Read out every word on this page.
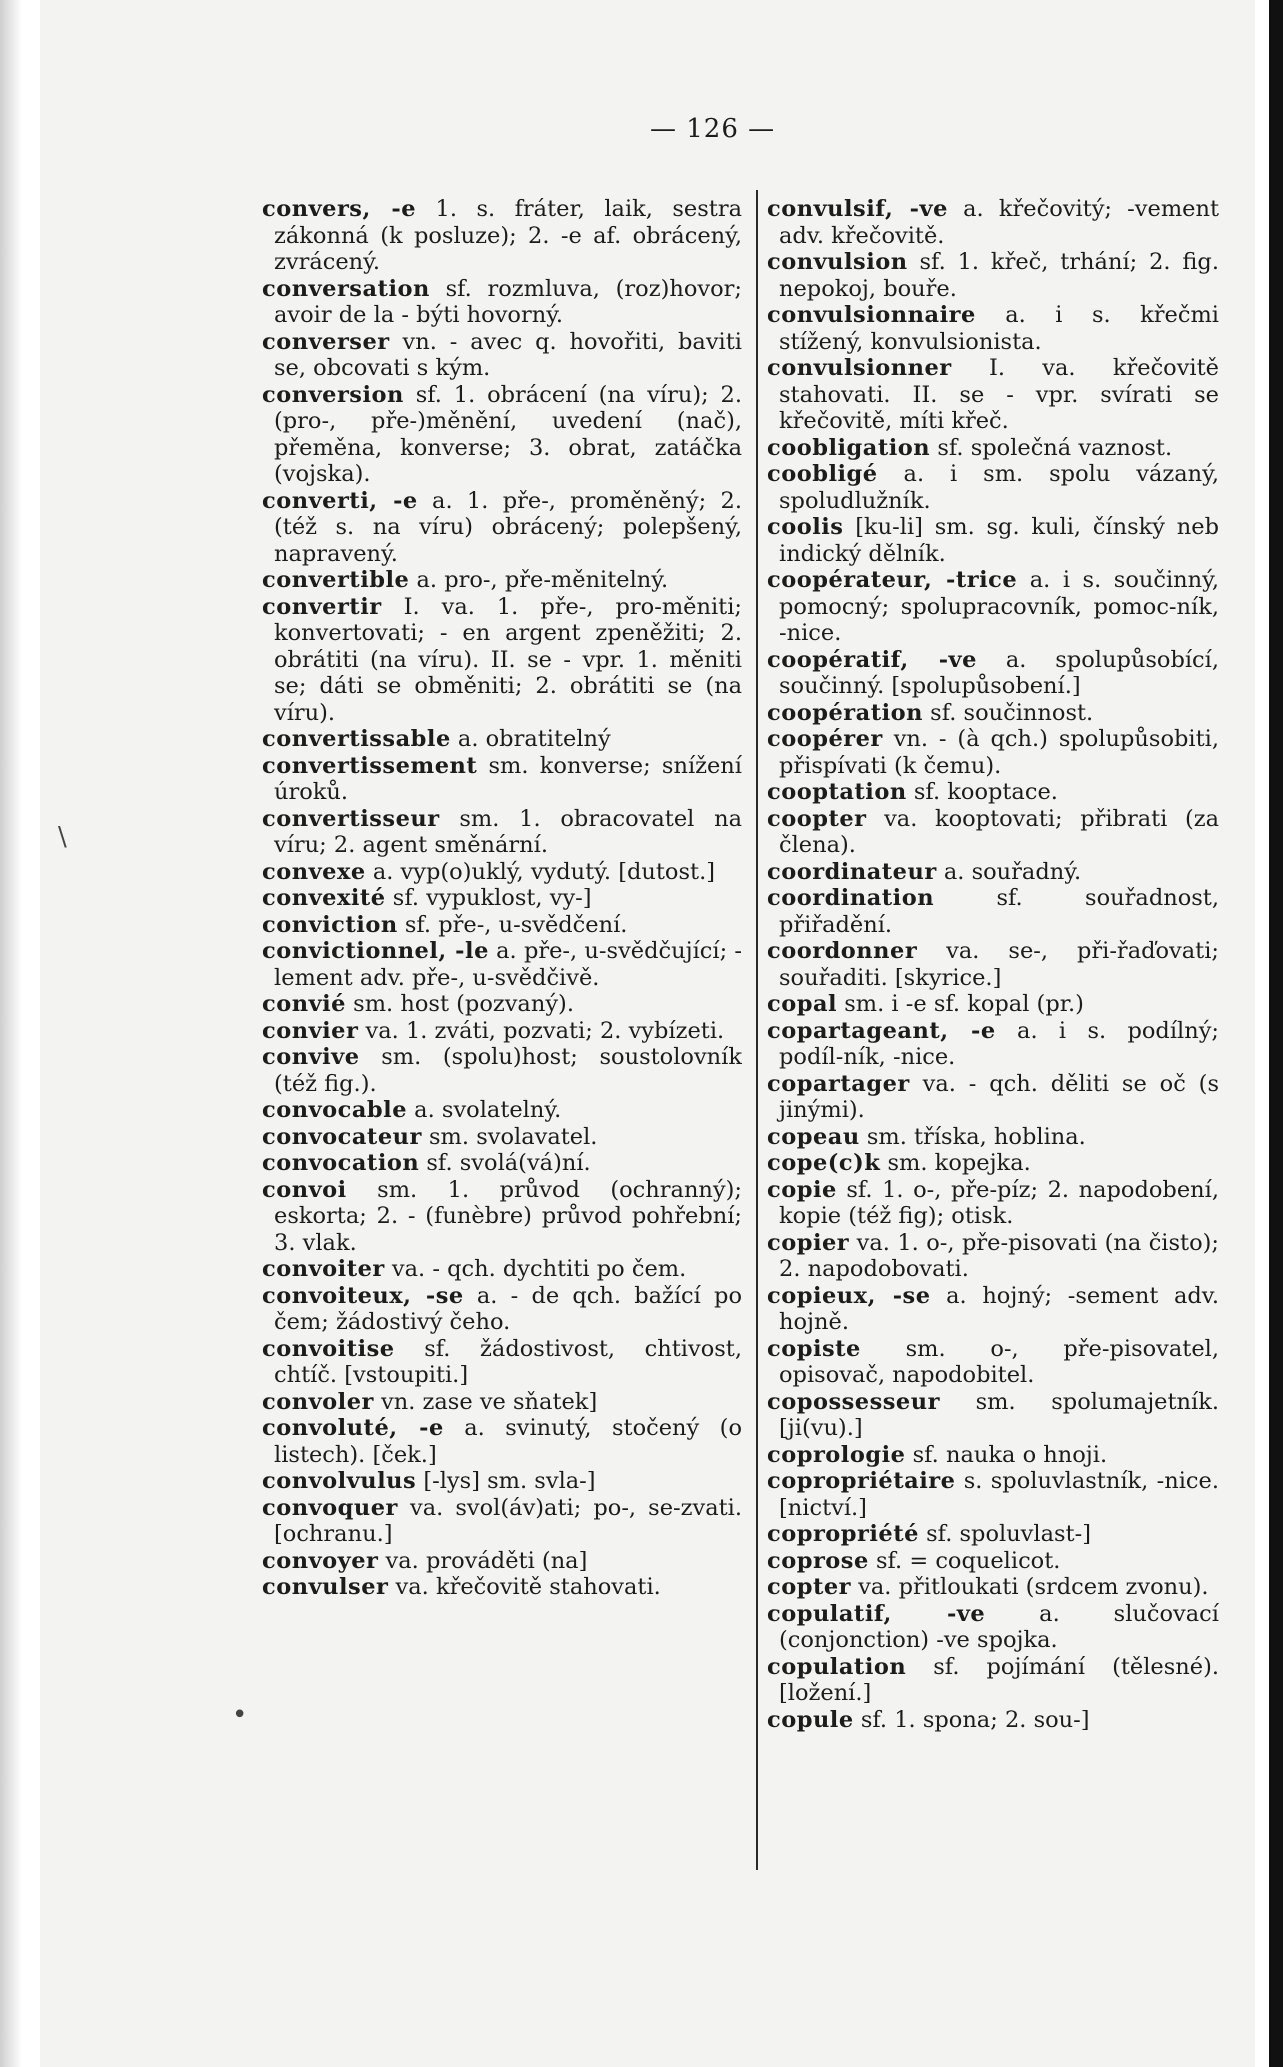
— 126 —

convers, -e 1. s. fráter, laik, sestra zákonná (k posluze); 2. -e af. obrácený, zvrácený.

conversation sf. rozmluva, (roz)hovor; avoir de la - býti hovorný.

converser vn. - avec q. hovořiti, baviti se, obcovati s kým.

conversion sf. 1. obrácení (na víru); 2. (pro-, pře-)měnění, uvedení (nač), přeměna, konverse; 3. obrat, zatáčka (vojska).

converti, -e a. 1. pře-, proměněný; 2. (též s. na víru) obrácený; polepšený, napravený.

convertible a. pro-, pře-měnitelný.

convertir I. va. 1. pře-, pro-měniti; konvertovati; - en argent zpeněžiti; 2. obrátiti (na víru). II. se - vpr. 1. měniti se; dáti se obměniti; 2. obrátiti se (na víru).

convertissable a. obratitelný

convertissement sm. konverse; snížení úroků.

convertisseur sm. 1. obracovatel na víru; 2. agent směnární.

convexe a. vyp(o)uklý, vydutý. [dutost.]

convexité sf. vypuklost, vy-]

conviction sf. pře-, u-svědčení.

convictionnel, -le a. pře-, u-svědčující; -lement adv. pře-, u-svědčivě.

convié sm. host (pozvaný).

convier va. 1. zváti, pozvati; 2. vybízeti.

convive sm. (spolu)host; soustolovník (též fig.).

convocable a. svolatelný.

convocateur sm. svolavatel.

convocation sf. svolá(vá)ní.

convoi sm. 1. průvod (ochranný); eskorta; 2. - (funèbre) průvod pohřební; 3. vlak.

convoiter va. - qch. dychtiti po čem.

convoiteux, -se a. - de qch. bažící po čem; žádostivý čeho.

convoitise sf. žádostivost, chtivost, chtíč. [vstoupiti.]

convoler vn. zase ve sňatek]

convoluté, -e a. svinutý, stočený (o listech). [ček.]

convolvulus [-lys] sm. svla-]

convoquer va. svol(áv)ati; po-, se-zvati. [ochranu.]

convoyer va. prováděti (na]

convulser va. křečovitě stahovati.

convulsif, -ve a. křečovitý; -vement adv. křečovitě.

convulsion sf. 1. křeč, trhání; 2. fig. nepokoj, bouře.

convulsionnaire a. i s. křečmi stížený, konvulsionista.

convulsionner I. va. křečovitě stahovati. II. se - vpr. svírati se křečovitě, míti křeč.

coobligation sf. společná vaznost.

coobligé a. i sm. spolu vázaný, spoludlužník.

coolis [ku-li] sm. sg. kuli, čínský neb indický dělník.

coopérateur, -trice a. i s. součinný, pomocný; spolupracovník, pomoc-ník, -nice.

coopératif, -ve a. spolupůsobící, součinný. [spolupůsobení.]

coopération sf. součinnost.

coopérer vn. - (à qch.) spolupůsobiti, přispívati (k čemu).

cooptation sf. kooptace.

coopter va. kooptovati; přibrati (za člena).

coordinateur a. souřadný.

coordination sf. souřadnost, přiřadění.

coordonner va. se-, při-řaďovati; souřaditi. [skyrice.]

copal sm. i -e sf. kopal (pr.)

copartageant, -e a. i s. podílný; podíl-ník, -nice.

copartager va. - qch. děliti se oč (s jinými).

copeau sm. tříska, hoblina.

cope(c)k sm. kopejka.

copie sf. 1. o-, pře-píz; 2. napodobení, kopie (též fig); otisk.

copier va. 1. o-, pře-pisovati (na čisto); 2. napodobovati.

copieux, -se a. hojný; -sement adv. hojně.

copiste sm. o-, pře-pisovatel, opisovač, napodobitel.

copossesseur sm. spolumajetník. [ji(vu).]

coprologie sf. nauka o hnoji.

copropriétaire s. spoluvlastník, -nice. [nictví.]

copropriété sf. spoluvlast-]

coprose sf. = coquelicot.

copter va. přitloukati (srdcem zvonu).

copulatif, -ve a. slučovací (conjonction) -ve spojka.

copulation sf. pojímání (tělesné). [ložení.]

copule sf. 1. spona; 2. sou-]

\
•
